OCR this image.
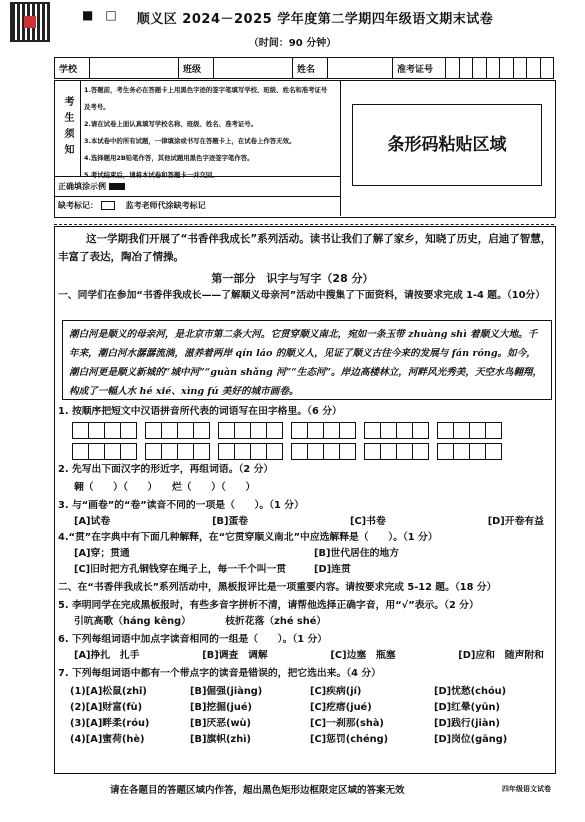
■　□	顺义区 2024－2025 学年度第二学期四年级语文期末试卷
（时间：90 分钟）
学校		班级		姓名		准考证号	
考生须知
1.答题前，考生务必在答题卡上用黑色字迹的签字笔填写学校、班级、姓名和准考证号及考号。
2.请在试卷上面认真填写学校名称、班级、姓名、准考证号。
3.本试卷中的所有试题，一律填涂或书写在答题卡上，在试卷上作答无效。
4.选择题用2B铅笔作答，其他试题用黑色字迹签字笔作答。
5.考试结束后，请将本试卷和答题卡一并交回。
正确填涂示例
缺考标记：  　	监考老师代涂缺考标记
条形码粘贴区域
这一学期我们开展了“书香伴我成长”系列活动。读书让我们了解了家乡，知晓了历史，启迪了智慧，丰富了表达，陶冶了情操。
第一部分　识字与写字（28 分）
一、同学们在参加“书香伴我成长——了解顺义母亲河”活动中搜集了下面资料，请按要求完成 1-4 题。（10分）
潮白河是顺义的母亲河，是北京市第二条大河。它贯穿顺义南北，宛如一条玉带 zhuàng shì 着顺义大地。千年来，潮白河水潺潺流淌，滋养着两岸 qín láo 的顺义人，见证了顺义古往今来的发展与 fán róng。如今，潮白河更是顺义新城的“城中河”“guàn shǎng 河”“生态河”。岸边高楼林立，河畔风光秀美，天空水鸟翱翔，构成了一幅人水 hé xié、xìng fú 美好的城市画卷。
1. 按顺序把短文中汉语拼音所代表的词语写在田字格里。（6 分）
2. 先写出下面汉字的形近字，再组词语。（2 分）
翱（　　）（　　）　　烂（　　）（　　）
3. 与“画卷”的“卷”读音不同的一项是（　　）。（1 分）
[A]试卷	[B]蛋卷	[C]书卷	[D]开卷有益
4.“贯”在字典中有下面几种解释，在“它贯穿顺义南北”中应选解释是（　　）。（1 分）
[A]穿；贯通	[B]世代居住的地方
[C]旧时把方孔铜钱穿在绳子上，每一千个叫一贯	[D]连贯
二、在“书香伴我成长”系列活动中，黑板报评比是一项重要内容。请按要求完成 5-12 题。（18 分）
5. 李明同学在完成黑板报时，有些多音字拼析不清，请帮他选择正确字音，用“√”表示。（2 分）
引吭高歌（háng kēng）　　　　枝折花落（zhé shé）
6. 下列每组词语中加点字读音相同的一组是（　　）。（1 分）
[A]挣扎　扎手	[B]调查　调解	[C]边塞　瓶塞	[D]应和　随声附和
7. 下列每组词语中都有一个带点字的读音是错误的，把它选出来。（4 分）
(1)[A]松鼠(zhǐ)	[B]倔强(jiàng)	[C]疾病(jí)	[D]忧愁(chóu)
(2)[A]财富(fù)	[B]挖掘(jué)	[C]疙瘩(jué)	[D]红晕(yūn)
(3)[A]畔柔(róu)	[B]厌恶(wù)	[C]一刹那(shà)	[D]践行(jiàn)
(4)[A]蜜荷(hè)	[B]旗帜(zhì)	[C]惩罚(chéng)	[D]岗位(gāng)
请在各题目的答题区域内作答，超出黑色矩形边框限定区域的答案无效	四年级语文试卷
